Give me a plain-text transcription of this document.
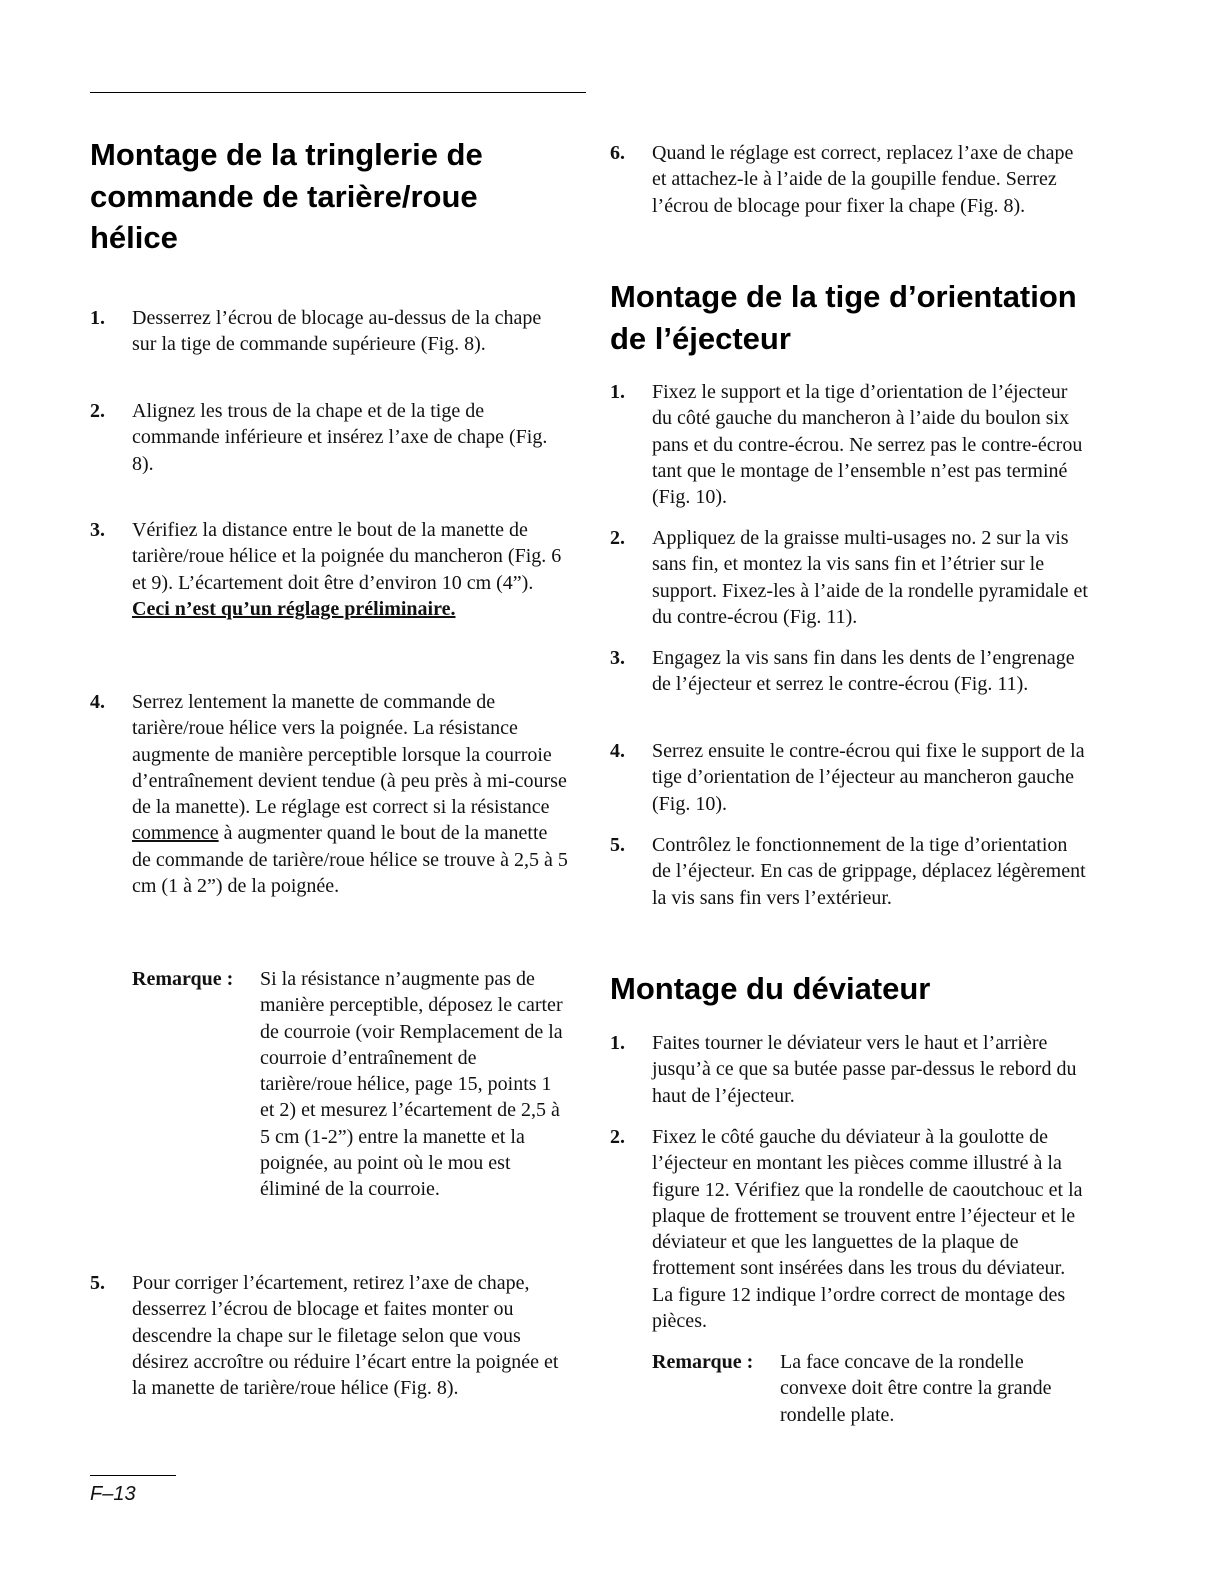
Montage de la tringlerie de commande de tarière/roue hélice
1. Desserrez l’écrou de blocage au-dessus de la chape sur la tige de commande supérieure (Fig. 8).
2. Alignez les trous de la chape et de la tige de commande inférieure et insérez l’axe de chape (Fig. 8).
3. Vérifiez la distance entre le bout de la manette de tarière/roue hélice et la poignée du mancheron (Fig. 6 et 9). L’écartement doit être d’environ 10 cm (4”). Ceci n’est qu’un réglage préliminaire.
4. Serrez lentement la manette de commande de tarière/roue hélice vers la poignée. La résistance augmente de manière perceptible lorsque la courroie d’entraînement devient tendue (à peu près à mi-course de la manette). Le réglage est correct si la résistance commence à augmenter quand le bout de la manette de commande de tarière/roue hélice se trouve à 2,5 à 5 cm (1 à 2”) de la poignée.
Remarque : Si la résistance n’augmente pas de manière perceptible, déposez le carter de courroie (voir Remplacement de la courroie d’entraînement de tarière/roue hélice, page 15, points 1 et 2) et mesurez l’écartement de 2,5 à 5 cm (1-2”) entre la manette et la poignée, au point où le mou est éliminé de la courroie.
5. Pour corriger l’écartement, retirez l’axe de chape, desserrez l’écrou de blocage et faites monter ou descendre la chape sur le filetage selon que vous désirez accroître ou réduire l’écart entre la poignée et la manette de tarière/roue hélice (Fig. 8).
6. Quand le réglage est correct, replacez l’axe de chape et attachez-le à l’aide de la goupille fendue. Serrez l’écrou de blocage pour fixer la chape (Fig. 8).
Montage de la tige d’orientation de l’éjecteur
1. Fixez le support et la tige d’orientation de l’éjecteur du côté gauche du mancheron à l’aide du boulon six pans et du contre-écrou. Ne serrez pas le contre-écrou tant que le montage de l’ensemble n’est pas terminé (Fig. 10).
2. Appliquez de la graisse multi-usages no. 2 sur la vis sans fin, et montez la vis sans fin et l’étrier sur le support. Fixez-les à l’aide de la rondelle pyramidale et du contre-écrou (Fig. 11).
3. Engagez la vis sans fin dans les dents de l’engrenage de l’éjecteur et serrez le contre-écrou (Fig. 11).
4. Serrez ensuite le contre-écrou qui fixe le support de la tige d’orientation de l’éjecteur au mancheron gauche (Fig. 10).
5. Contrôlez le fonctionnement de la tige d’orientation de l’éjecteur. En cas de grippage, déplacez légèrement la vis sans fin vers l’extérieur.
Montage du déviateur
1. Faites tourner le déviateur vers le haut et l’arrière jusqu’à ce que sa butée passe par-dessus le rebord du haut de l’éjecteur.
2. Fixez le côté gauche du déviateur à la goulotte de l’éjecteur en montant les pièces comme illustré à la figure 12. Vérifiez que la rondelle de caoutchouc et la plaque de frottement se trouvent entre l’éjecteur et le déviateur et que les languettes de la plaque de frottement sont insérées dans les trous du déviateur. La figure 12 indique l’ordre correct de montage des pièces.
Remarque : La face concave de la rondelle convexe doit être contre la grande rondelle plate.
F–13
